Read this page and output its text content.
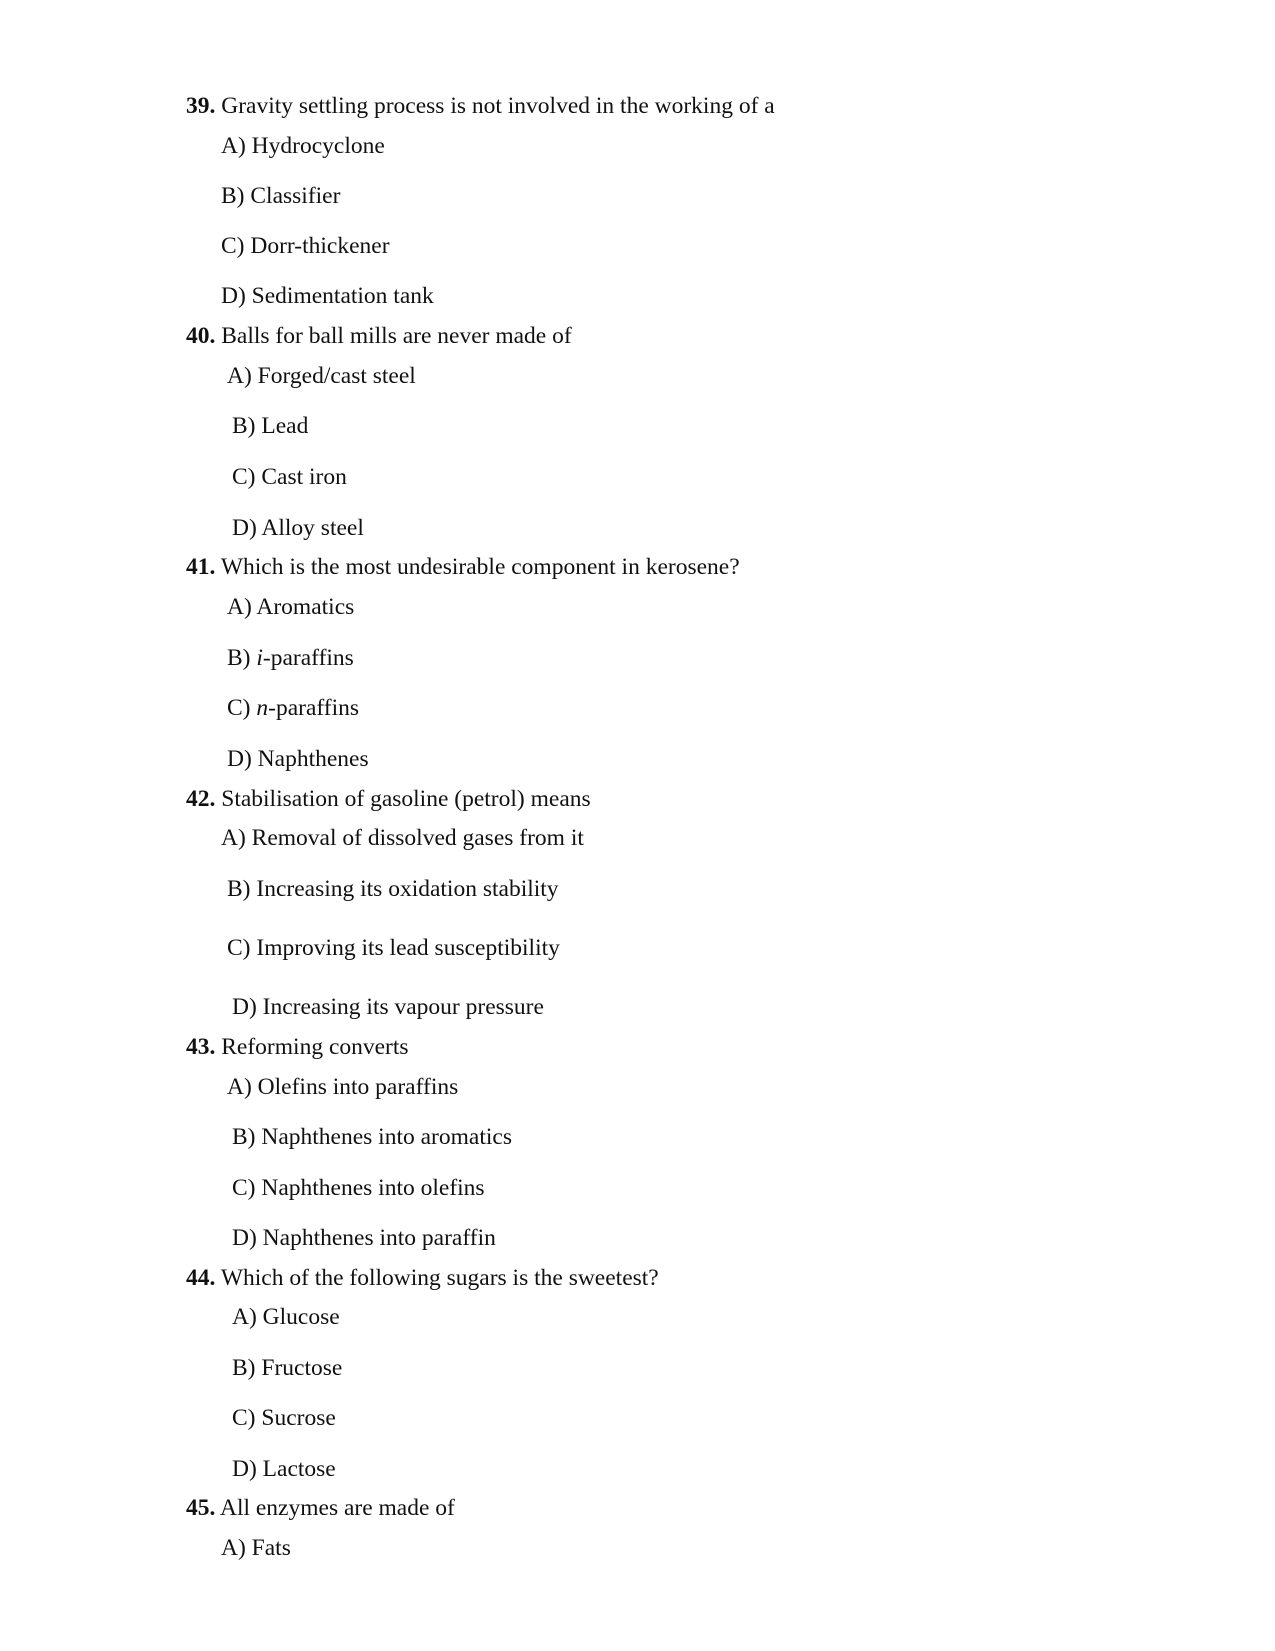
39. Gravity settling process is not involved in the working of a
A) Hydrocyclone
B) Classifier
C) Dorr-thickener
D) Sedimentation tank
40. Balls for ball mills are never made of
A) Forged/cast steel
B) Lead
C) Cast iron
D) Alloy steel
41. Which is the most undesirable component in kerosene?
A) Aromatics
B) i-paraffins
C) n-paraffins
D) Naphthenes
42. Stabilisation of gasoline (petrol) means
A) Removal of dissolved gases from it
B) Increasing its oxidation stability
C) Improving its lead susceptibility
D) Increasing its vapour pressure
43. Reforming converts
A) Olefins into paraffins
B) Naphthenes into aromatics
C) Naphthenes into olefins
D) Naphthenes into paraffin
44. Which of the following sugars is the sweetest?
A) Glucose
B) Fructose
C) Sucrose
D) Lactose
45. All enzymes are made of
A) Fats
